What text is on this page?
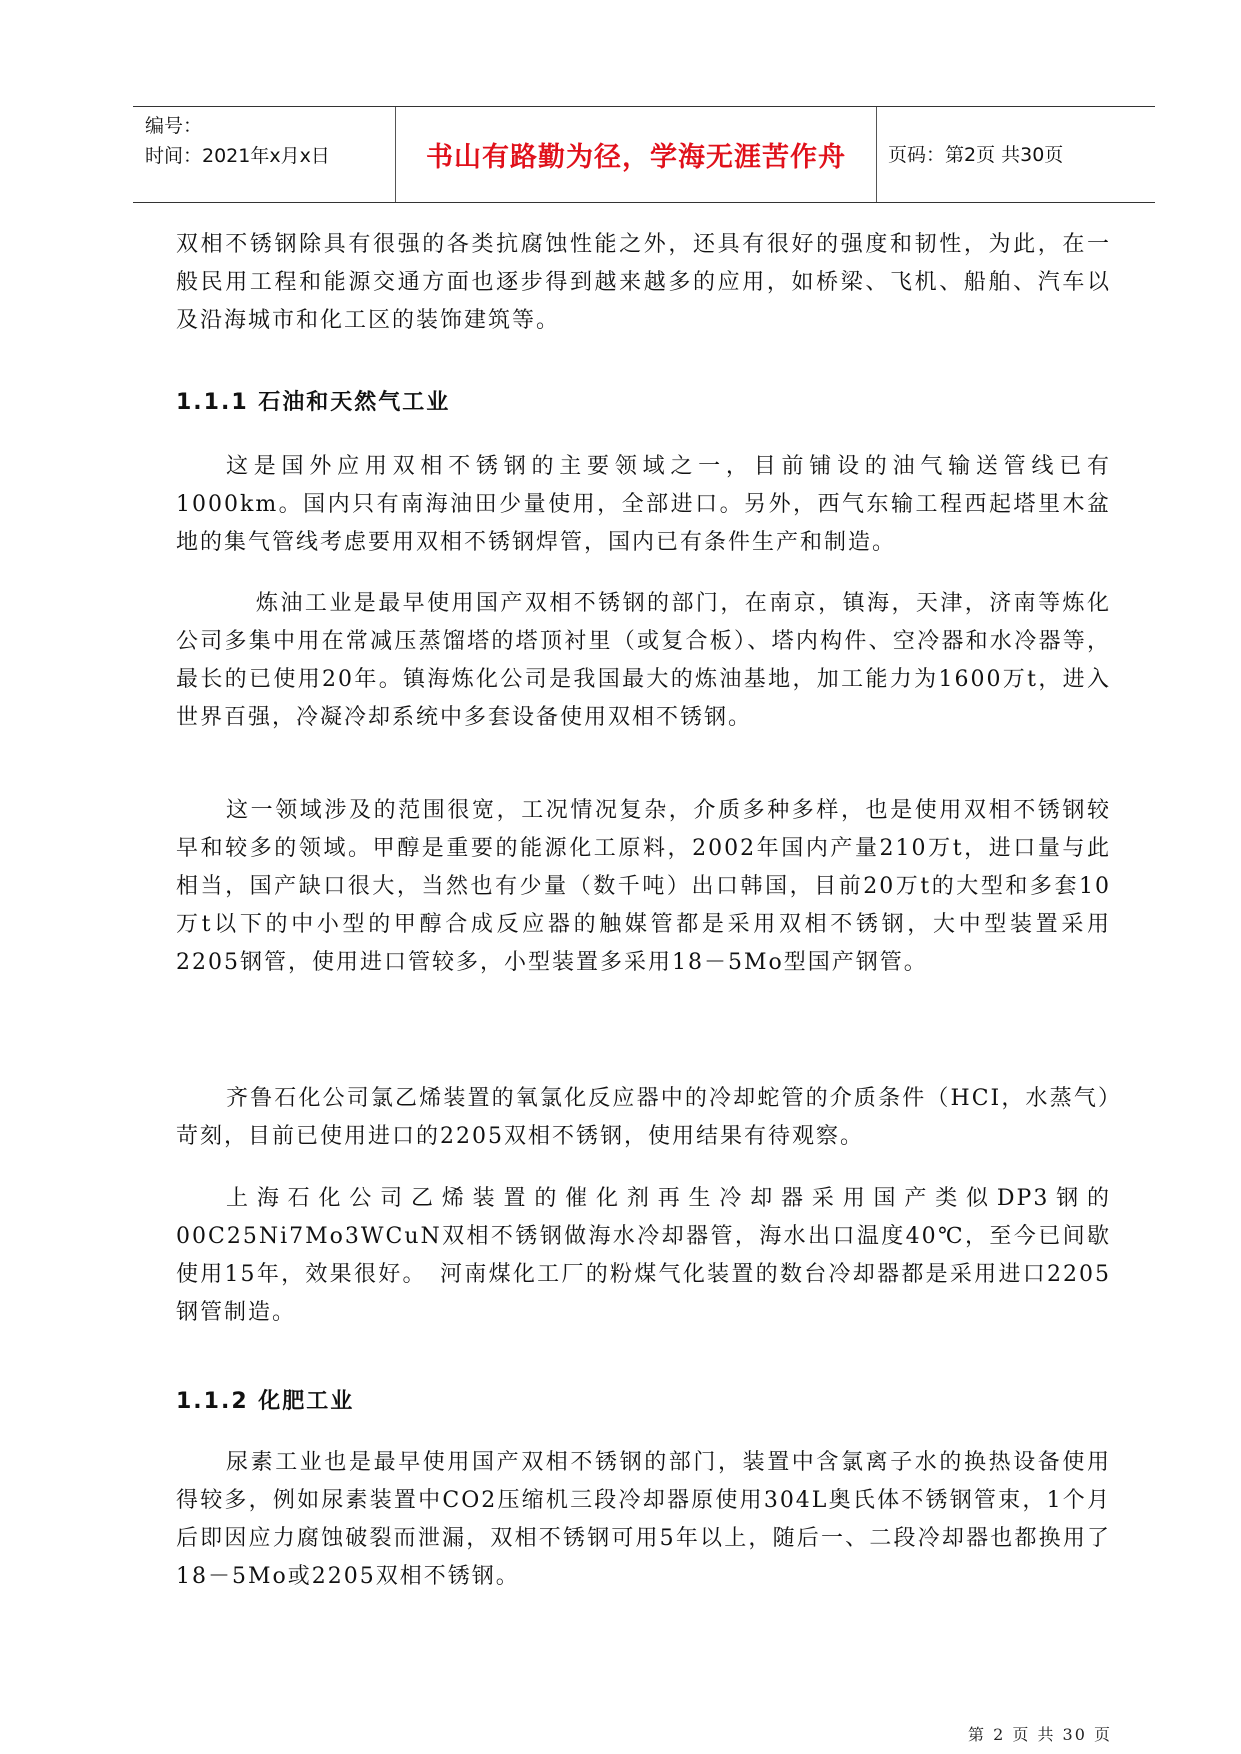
编号：
时间：2021年x月x日	书山有路勤为径，学海无涯苦作舟	页码：第2页 共30页

双相不锈钢除具有很强的各类抗腐蚀性能之外，还具有很好的强度和韧性，为此，在一般民用工程和能源交通方面也逐步得到越来越多的应用，如桥梁、飞机、船舶、汽车以及沿海城市和化工区的装饰建筑等。

1.1.1 石油和天然气工业

这是国外应用双相不锈钢的主要领域之一，目前铺设的油气输送管线已有1000km。国内只有南海油田少量使用，全部进口。另外，西气东输工程西起塔里木盆地的集气管线考虑要用双相不锈钢焊管，国内已有条件生产和制造。

炼油工业是最早使用国产双相不锈钢的部门，在南京，镇海，天津，济南等炼化公司多集中用在常减压蒸馏塔的塔顶衬里（或复合板）、塔内构件、空冷器和水冷器等，最长的已使用20年。镇海炼化公司是我国最大的炼油基地，加工能力为1600万t，进入世界百强，冷凝冷却系统中多套设备使用双相不锈钢。

这一领域涉及的范围很宽，工况情况复杂，介质多种多样，也是使用双相不锈钢较早和较多的领域。甲醇是重要的能源化工原料，2002年国内产量210万t，进口量与此相当，国产缺口很大，当然也有少量（数千吨）出口韩国，目前20万t的大型和多套10万t以下的中小型的甲醇合成反应器的触媒管都是采用双相不锈钢，大中型装置采用2205钢管，使用进口管较多，小型装置多采用18－5Mo型国产钢管。

齐鲁石化公司氯乙烯装置的氧氯化反应器中的冷却蛇管的介质条件（HCI，水蒸气）苛刻，目前已使用进口的2205双相不锈钢，使用结果有待观察。

上海石化公司乙烯装置的催化剂再生冷却器采用国产类似DP3钢的00C25Ni7Mo3WCuN双相不锈钢做海水冷却器管，海水出口温度40℃，至今已间歇使用15年，效果很好。　河南煤化工厂的粉煤气化装置的数台冷却器都是采用进口2205钢管制造。

1.1.2 化肥工业

尿素工业也是最早使用国产双相不锈钢的部门，装置中含氯离子水的换热设备使用得较多，例如尿素装置中CO2压缩机三段冷却器原使用304L奥氏体不锈钢管束，1个月后即因应力腐蚀破裂而泄漏，双相不锈钢可用5年以上，随后一、二段冷却器也都换用了18－5Mo或2205双相不锈钢。

第 2 页 共 30 页
